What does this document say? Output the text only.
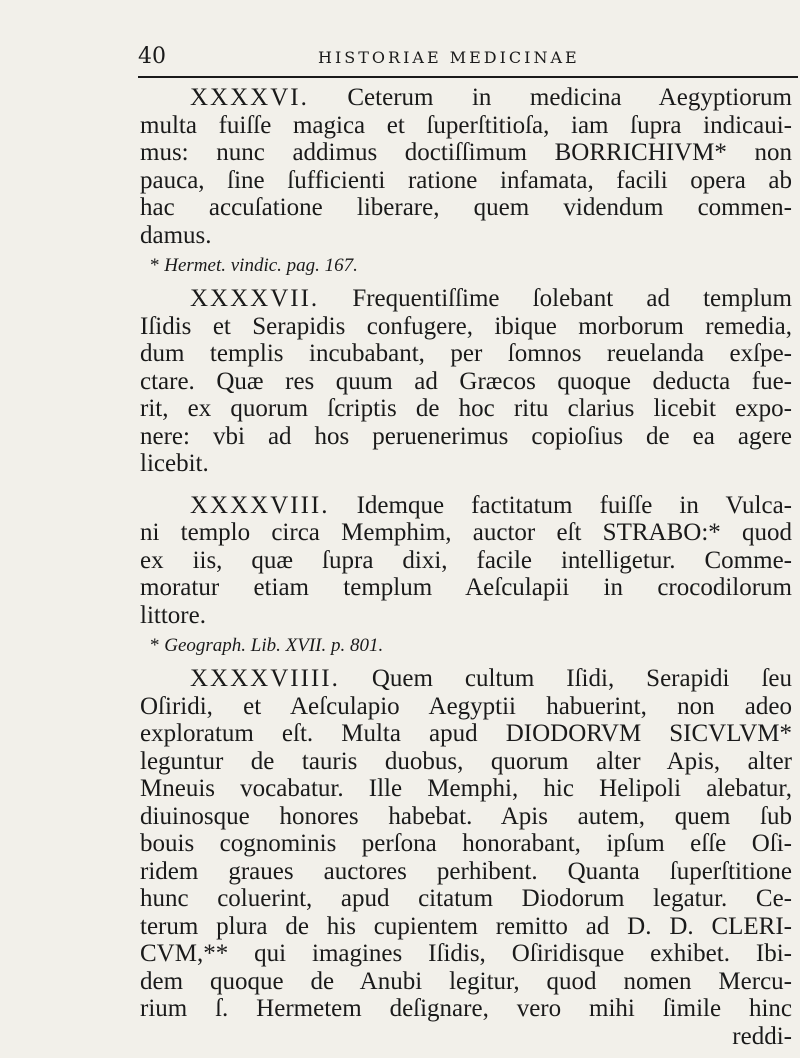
40	HISTORIAE MEDICINAE
XXXXVI. Ceterum in medicina Aegyptiorum
multa fuiſſe magica et ſuperſtitioſa, iam ſupra indicaui-
mus: nunc addimus doctiſſimum BORRICHIVM* non
pauca, ſine ſufficienti ratione infamata, facili opera ab
hac accuſatione liberare, quem videndum commen-
damus.
* Hermet. vindic. pag. 167.
XXXXVII. Frequentiſſime ſolebant ad templum
Iſidis et Serapidis confugere, ibique morborum remedia,
dum templis incubabant, per ſomnos reuelanda exſpe-
ctare. Quæ res quum ad Græcos quoque deducta fue-
rit, ex quorum ſcriptis de hoc ritu clarius licebit expo-
nere: vbi ad hos peruenerimus copioſius de ea agere
licebit.
XXXXVIII. Idemque factitatum fuiſſe in Vulca-
ni templo circa Memphim, auctor eſt STRABO:* quod
ex iis, quæ ſupra dixi, facile intelligetur. Comme-
moratur etiam templum Aeſculapii in crocodilorum
littore.
* Geograph. Lib. XVII. p. 801.
XXXXVIIII. Quem cultum Iſidi, Serapidi ſeu
Oſiridi, et Aeſculapio Aegyptii habuerint, non adeo
exploratum eſt. Multa apud DIODORVM SICVLVM*
leguntur de tauris duobus, quorum alter Apis, alter
Mneuis vocabatur. Ille Memphi, hic Helipoli alebatur,
diuinosque honores habebat. Apis autem, quem ſub
bouis cognominis perſona honorabant, ipſum eſſe Oſi-
ridem graues auctores perhibent. Quanta ſuperſtitione
hunc coluerint, apud citatum Diodorum legatur. Ce-
terum plura de his cupientem remitto ad D. D. CLERI-
CVM,** qui imagines Iſidis, Oſiridisque exhibet. Ibi-
dem quoque de Anubi legitur, quod nomen Mercu-
rium ſ. Hermetem deſignare, vero mihi ſimile hinc
reddi-
